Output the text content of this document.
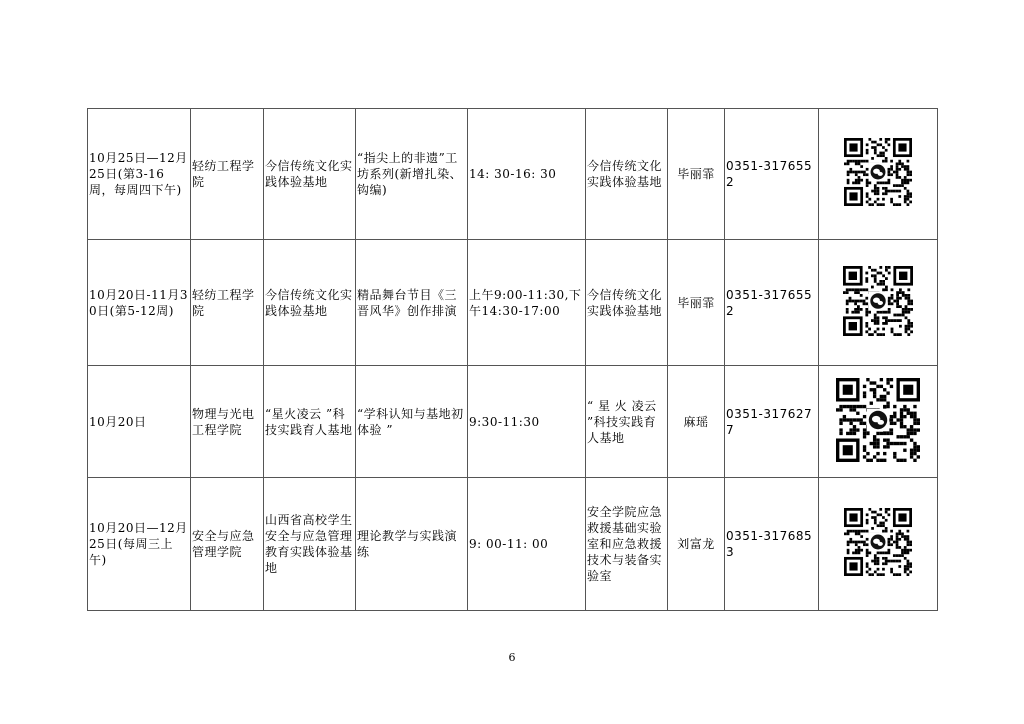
10月25日—12月25日(第3-16周，每周四下午)	轻纺工程学院	今信传统文化实践体验基地	“指尖上的非遗”工坊系列(新增扎染、钩编)	14: 30-16: 30	今信传统文化实践体验基地	毕丽霏	0351-3176552	
10月20日-11月30日(第5-12周)	轻纺工程学院	今信传统文化实践体验基地	精品舞台节目《三晋风华》创作排演	上午9:00-11:30,下午14:30-17:00	今信传统文化实践体验基地	毕丽霏	0351-3176552	
10月20日	物理与光电工程学院	“星火凌云 ”科技实践育人基地	“学科认知与基地初体验 ”	9:30-11:30	“ 星 火 凌云 ”科技实践育人基地	麻瑶	0351-3176277	
10月20日—12月25日(每周三上午)	安全与应急管理学院	山西省高校学生安全与应急管理教育实践体验基地	理论教学与实践演练	9: 00-11: 00	安全学院应急救援基础实验室和应急救援技术与装备实验室	刘富龙	0351-3176853	
6
